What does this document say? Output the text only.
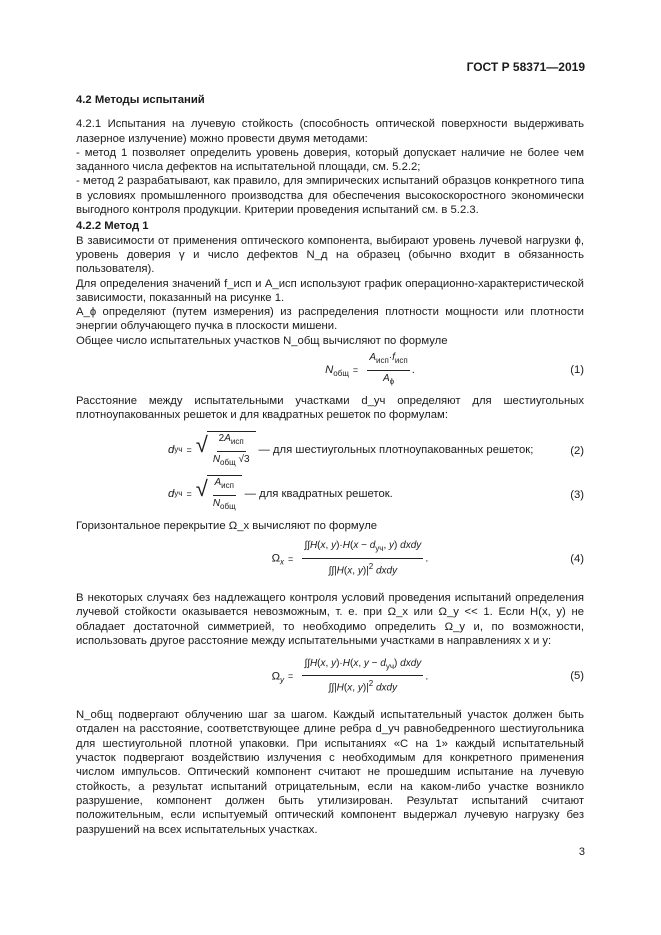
ГОСТ Р 58371—2019

4.2 Методы испытаний

4.2.1 Испытания на лучевую стойкость (способность оптической поверхности выдерживать лазерное излучение) можно провести двумя методами:

- метод 1 позволяет определить уровень доверия, который допускает наличие не более чем заданного числа дефектов на испытательной площади, см. 5.2.2;

- метод 2 разрабатывают, как правило, для эмпирических испытаний образцов конкретного типа в условиях промышленного производства для обеспечения высокоскоростного экономически выгодного контроля продукции. Критерии проведения испытаний см. в 5.2.3.

4.2.2 Метод 1

В зависимости от применения оптического компонента, выбирают уровень лучевой нагрузки ϕ, уровень доверия γ и число дефектов N_д на образец (обычно входит в обязанность пользователя).

Для определения значений f_исп и A_исп используют график операционно-характеристической зависимости, показанный на рисунке 1.

A_ϕ определяют (путем измерения) из распределения плотности мощности или плотности энергии облучающего пучка в плоскости мишени.

Общее число испытательных участков N_общ вычисляют по формуле

$N_{общ} = \frac{A_{исп}\cdot f_{исп}}{A_\phi}$ .	(1)

Расстояние между испытательными участками d_уч определяют для шестиугольных плотноупакованных решеток и для квадратных решеток по формулам:

d уч = √ $\frac{2A_{исп}}{N_{общ} √3}$ — для шестиугольных плотноупакованных решеток;	(2)
d уч = √ $\frac{A_{исп}}{N_{общ}}$ — для квадратных решеток.	(3)

Горизонтальное перекрытие Ω_x вычисляют по формуле

$\Omega_x = \frac{\int\int H(x, y)\cdot H(x - d_{уч}, y) dxdy}{\int\int|H(x, y)|^2 dxdy}$ .	(4)

В некоторых случаях без надлежащего контроля условий проведения испытаний определения лучевой стойкости оказывается невозможным, т. е. при Ω_x или Ω_y << 1. Если H(x, y) не обладает достаточной симметрией, то необходимо определить Ω_y и, по возможности, использовать другое расстояние между испытательными участками в направлениях x и y:

$\Omega_y = \frac{\int\int H(x, y)\cdot H(x, y - d_{уч}) dxdy}{\int\int|H(x, y)|^2 dxdy}$ .	(5)

N_общ подвергают облучению шаг за шагом. Каждый испытательный участок должен быть отдален на расстояние, соответствующее длине ребра d_уч равнобедренного шестиугольника для шестиугольной плотной упаковки. При испытаниях «С на 1» каждый испытательный участок подвергают воздействию излучения с необходимым для конкретного применения числом импульсов. Оптический компонент считают не прошедшим испытание на лучевую стойкость, а результат испытаний отрицательным, если на каком-либо участке возникло разрушение, компонент должен быть утилизирован. Результат испытаний считают положительным, если испытуемый оптический компонент выдержал лучевую нагрузку без разрушений на всех испытательных участках.

3
